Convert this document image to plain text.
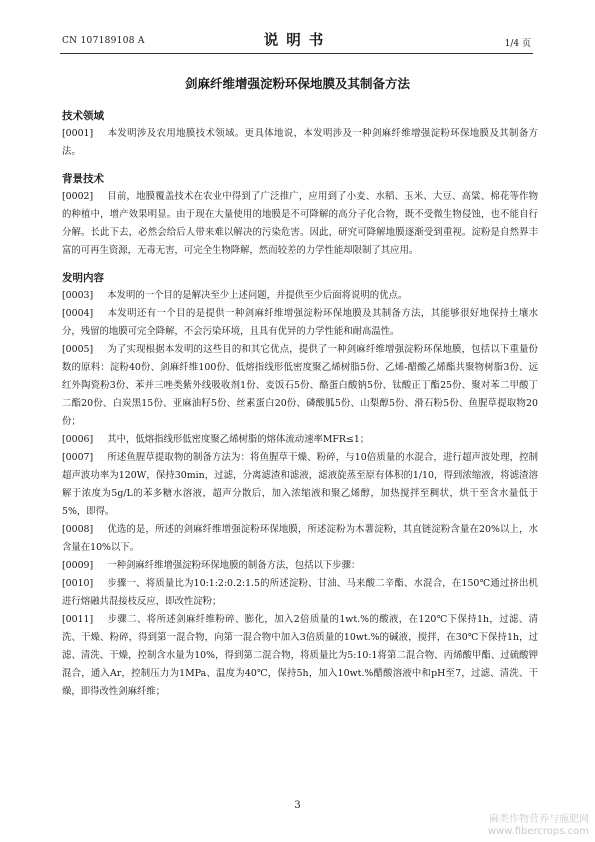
CN 107189108 A	说明书	1/4 页
剑麻纤维增强淀粉环保地膜及其制备方法
技术领域

[0001] 本发明涉及农用地膜技术领域。更具体地说，本发明涉及一种剑麻纤维增强淀粉环保地膜及其制备方法。

背景技术

[0002] 目前，地膜覆盖技术在农业中得到了广泛推广，应用到了小麦、水稻、玉米、大豆、高粱、棉花等作物的种植中，增产效果明显。由于现在大量使用的地膜是不可降解的高分子化合物，既不受微生物侵蚀，也不能自行分解。长此下去，必然会给后人带来难以解决的污染危害。因此，研究可降解地膜逐渐受到重视。淀粉是自然界丰富的可再生资源，无毒无害，可完全生物降解，然而较差的力学性能却限制了其应用。

发明内容

[0003] 本发明的一个目的是解决至少上述问题，并提供至少后面将说明的优点。

[0004] 本发明还有一个目的是提供一种剑麻纤维增强淀粉环保地膜及其制备方法，其能够很好地保持土壤水分，残留的地膜可完全降解，不会污染环境，且具有优异的力学性能和耐高温性。

[0005] 为了实现根据本发明的这些目的和其它优点，提供了一种剑麻纤维增强淀粉环保地膜，包括以下重量份数的原料：淀粉40份、剑麻纤维100份、低熔指线形低密度聚乙烯树脂5份、乙烯-醋酸乙烯酯共聚物树脂3份、远红外陶瓷粉3份、苯并三唑类紫外线吸收剂1份、麦饭石5份、酪蛋白酸钠5份、钛酸正丁酯25份、聚对苯二甲酸丁二酯20份、白炭黑15份、亚麻油籽5份、丝素蛋白20份、磷酸胍5份、山梨醇5份、滑石粉5份、鱼腥草提取物20份；

[0006] 其中，低熔指线形低密度聚乙烯树脂的熔体流动速率MFR≤1；

[0007] 所述鱼腥草提取物的制备方法为：将鱼腥草干燥、粉碎，与10倍质量的水混合，进行超声波处理，控制超声波功率为120W，保持30min，过滤，分离滤渣和滤液，滤液旋蒸至原有体积的1/10，得到浓缩液，将滤渣溶解于浓度为5g/L的苯多糖水溶液，超声分散后，加入浓缩液和聚乙烯醇，加热搅拌至稠状，烘干至含水量低于5%，即得。

[0008] 优选的是，所述的剑麻纤维增强淀粉环保地膜，所述淀粉为木薯淀粉，其直链淀粉含量在20%以上，水含量在10%以下。

[0009] 一种剑麻纤维增强淀粉环保地膜的制备方法，包括以下步骤：

[0010] 步骤一、将质量比为10:1:2:0.2:1.5的所述淀粉、甘油、马来酸二辛酯、水混合，在150℃通过挤出机进行熔融共混接枝反应，即改性淀粉；

[0011] 步骤二、将所述剑麻纤维粉碎、膨化，加入2倍质量的1wt.%的酸液，在120℃下保持1h，过滤、清洗、干燥、粉碎，得到第一混合物，向第一混合物中加入3倍质量的10wt.%的碱液，搅拌，在30℃下保持1h，过滤、清洗、干燥，控制含水量为10%，得到第二混合物，将质量比为5:10:1将第二混合物、丙烯酸甲酯、过硫酸钾混合，通入Ar，控制压力为1MPa、温度为40℃，保持5h，加入10wt.%醋酸溶液中和pH至7，过滤、清洗、干燥，即得改性剑麻纤维；

3
麻类作物营养与施肥网
www.fibercrops.com
